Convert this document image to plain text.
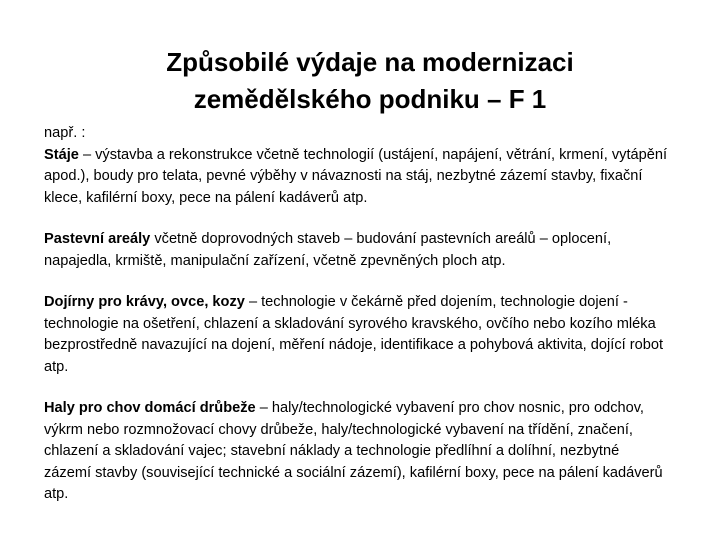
Způsobilé výdaje na modernizaci
zemědělského podniku – F 1

např. :

Stáje – výstavba a rekonstrukce včetně technologií (ustájení, napájení, větrání, krmení, vytápění apod.), boudy pro telata, pevné výběhy v návaznosti na stáj, nezbytné zázemí stavby, fixační klece, kafilérní boxy, pece na pálení kadáverů atp.

Pastevní areály včetně doprovodných staveb – budování pastevních areálů – oplocení, napajedla, krmiště, manipulační zařízení, včetně zpevněných ploch atp.

Dojírny pro krávy, ovce, kozy – technologie v čekárně před dojením, technologie dojení - technologie na ošetření, chlazení a skladování syrového kravského, ovčího nebo kozího mléka bezprostředně navazující na dojení, měření nádoje, identifikace a pohybová aktivita, dojící robot atp.

Haly pro chov domácí drůbeže – haly/technologické vybavení pro chov nosnic, pro odchov, výkrm nebo rozmnožovací chovy drůbeže, haly/technologické vybavení na třídění, značení, chlazení a skladování vajec; stavební náklady a technologie předlíhní a dolíhní, nezbytné zázemí stavby (související technické a sociální zázemí), kafilérní boxy, pece na pálení kadáverů atp.
